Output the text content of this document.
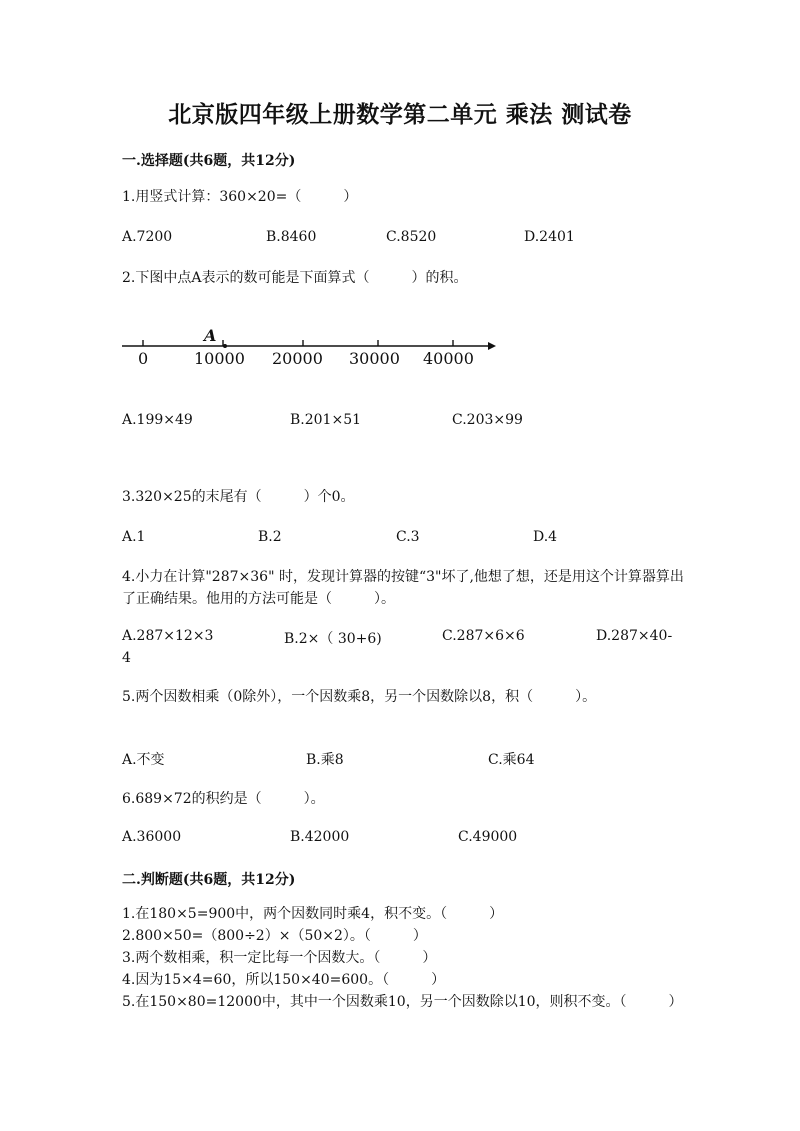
北京版四年级上册数学第二单元 乘法 测试卷
一.选择题(共6题，共12分)
1.用竖式计算：360×20=（　　　）
A.7200	B.8460	C.8520	D.2401
2.下图中点A表示的数可能是下面算式（　　　）的积。
A
0	10000 20000 30000 40000
A.199×49	B.201×51	C.203×99
3.320×25的末尾有（　　　）个0。
A.1	B.2	C.3	D.4
4.小力在计算"287×36" 时，发现计算器的按键“3"坏了,他想了想，还是用这个计算器算出了正确结果。他用的方法可能是（　　　）。
A.287×12×3	B.2×（ 30+6)	C.287×6×6	D.287×40-
4
5.两个因数相乘（0除外），一个因数乘8，另一个因数除以8，积（　　　）。
A.不变	B.乘8	C.乘64
6.689×72的积约是（　　　）。
A.36000	B.42000	C.49000
二.判断题(共6题，共12分)
1.在180×5=900中，两个因数同时乘4，积不变。（　　　）
2.800×50=（800÷2）×（50×2）。（　　　）
3.两个数相乘，积一定比每一个因数大。（　　　）
4.因为15×4=60，所以150×40=600。（　　　）
5.在150×80=12000中，其中一个因数乘10，另一个因数除以10，则积不变。（　　　）
